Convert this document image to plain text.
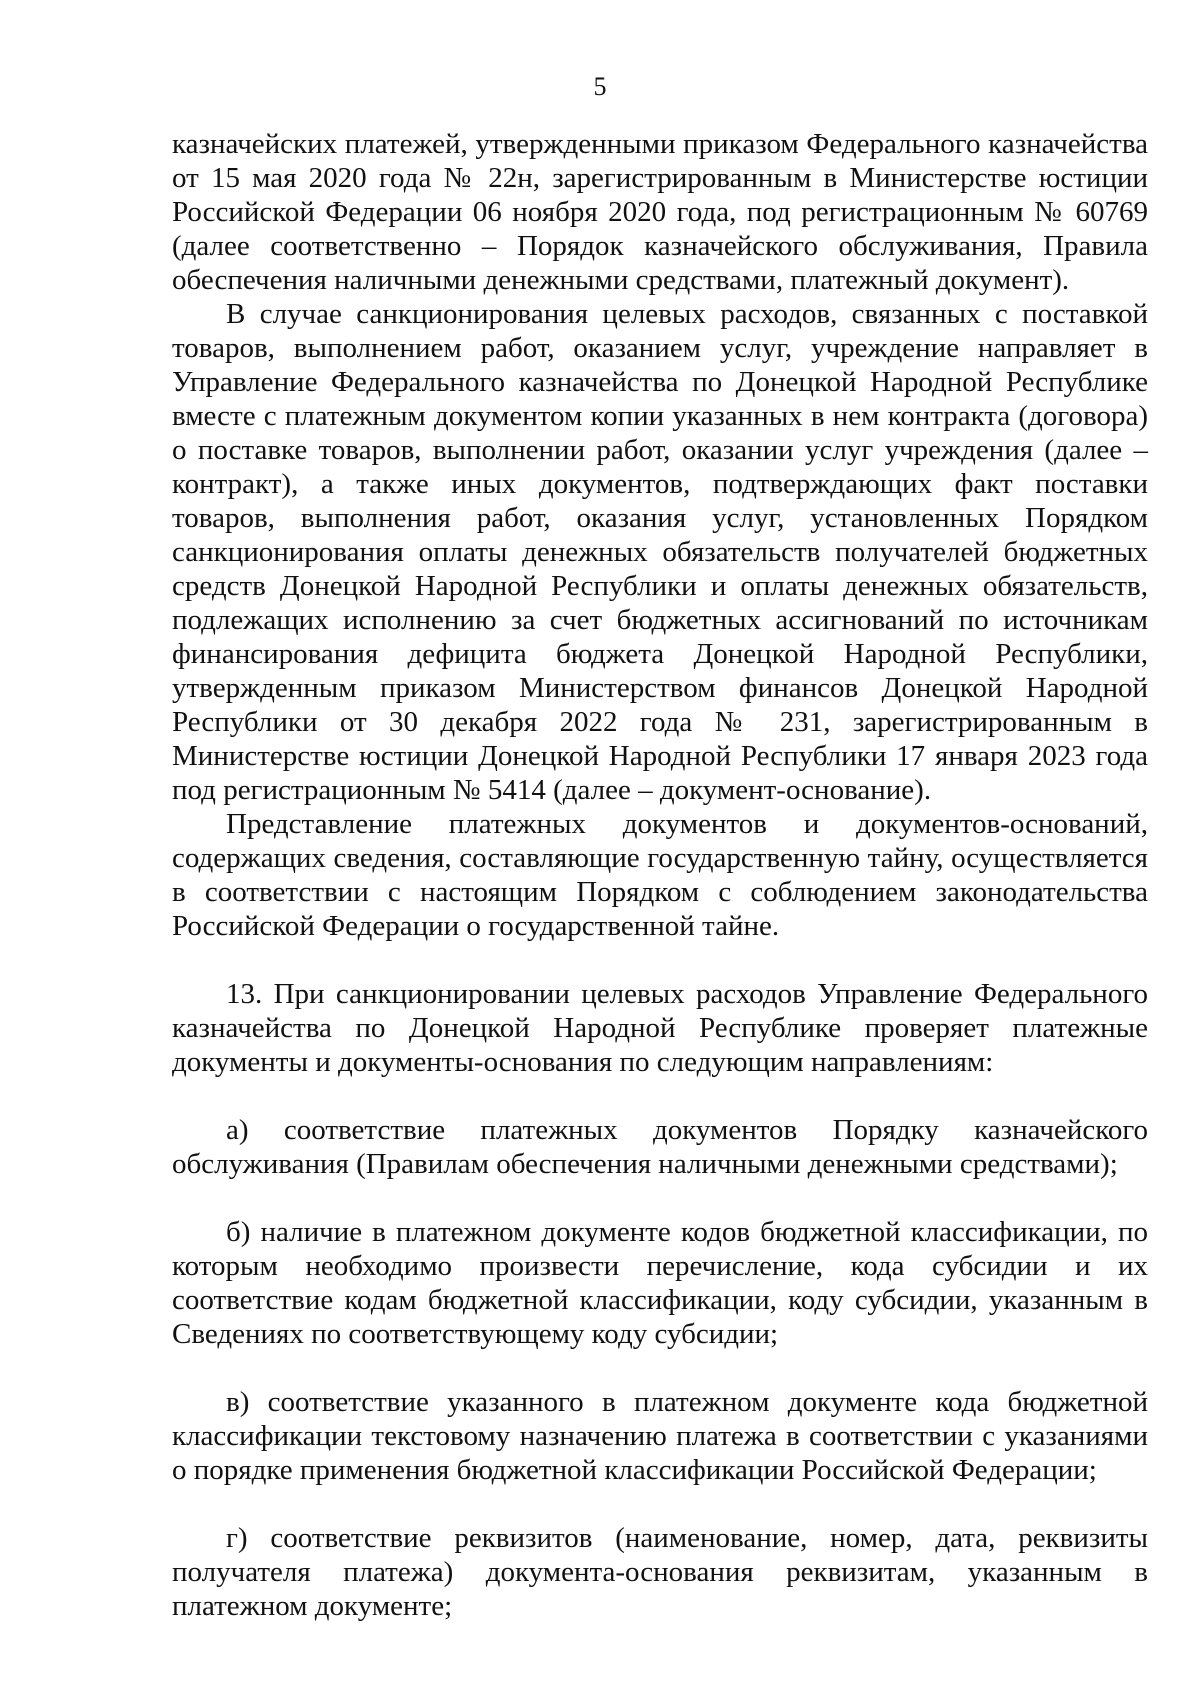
5

казначейских платежей, утвержденными приказом Федерального казначейства от 15 мая 2020 года № 22н, зарегистрированным в Министерстве юстиции Российской Федерации 06 ноября 2020 года, под регистрационным № 60769 (далее соответственно – Порядок казначейского обслуживания, Правила обеспечения наличными денежными средствами, платежный документ).

В случае санкционирования целевых расходов, связанных с поставкой товаров, выполнением работ, оказанием услуг, учреждение направляет в Управление Федерального казначейства по Донецкой Народной Республике вместе с платежным документом копии указанных в нем контракта (договора) о поставке товаров, выполнении работ, оказании услуг учреждения (далее – контракт), а также иных документов, подтверждающих факт поставки товаров, выполнения работ, оказания услуг, установленных Порядком санкционирования оплаты денежных обязательств получателей бюджетных средств Донецкой Народной Республики и оплаты денежных обязательств, подлежащих исполнению за счет бюджетных ассигнований по источникам финансирования дефицита бюджета Донецкой Народной Республики, утвержденным приказом Министерством финансов Донецкой Народной Республики от 30 декабря 2022 года № 231, зарегистрированным в Министерстве юстиции Донецкой Народной Республики 17 января 2023 года под регистрационным № 5414 (далее – документ-основание).

Представление платежных документов и документов-оснований, содержащих сведения, составляющие государственную тайну, осуществляется в соответствии с настоящим Порядком с соблюдением законодательства Российской Федерации о государственной тайне.

13. При санкционировании целевых расходов Управление Федерального казначейства по Донецкой Народной Республике проверяет платежные документы и документы-основания по следующим направлениям:

а) соответствие платежных документов Порядку казначейского обслуживания (Правилам обеспечения наличными денежными средствами);

б) наличие в платежном документе кодов бюджетной классификации, по которым необходимо произвести перечисление, кода субсидии и их соответствие кодам бюджетной классификации, коду субсидии, указанным в Сведениях по соответствующему коду субсидии;

в) соответствие указанного в платежном документе кода бюджетной классификации текстовому назначению платежа в соответствии с указаниями о порядке применения бюджетной классификации Российской Федерации;

г) соответствие реквизитов (наименование, номер, дата, реквизиты получателя платежа) документа-основания реквизитам, указанным в платежном документе;
